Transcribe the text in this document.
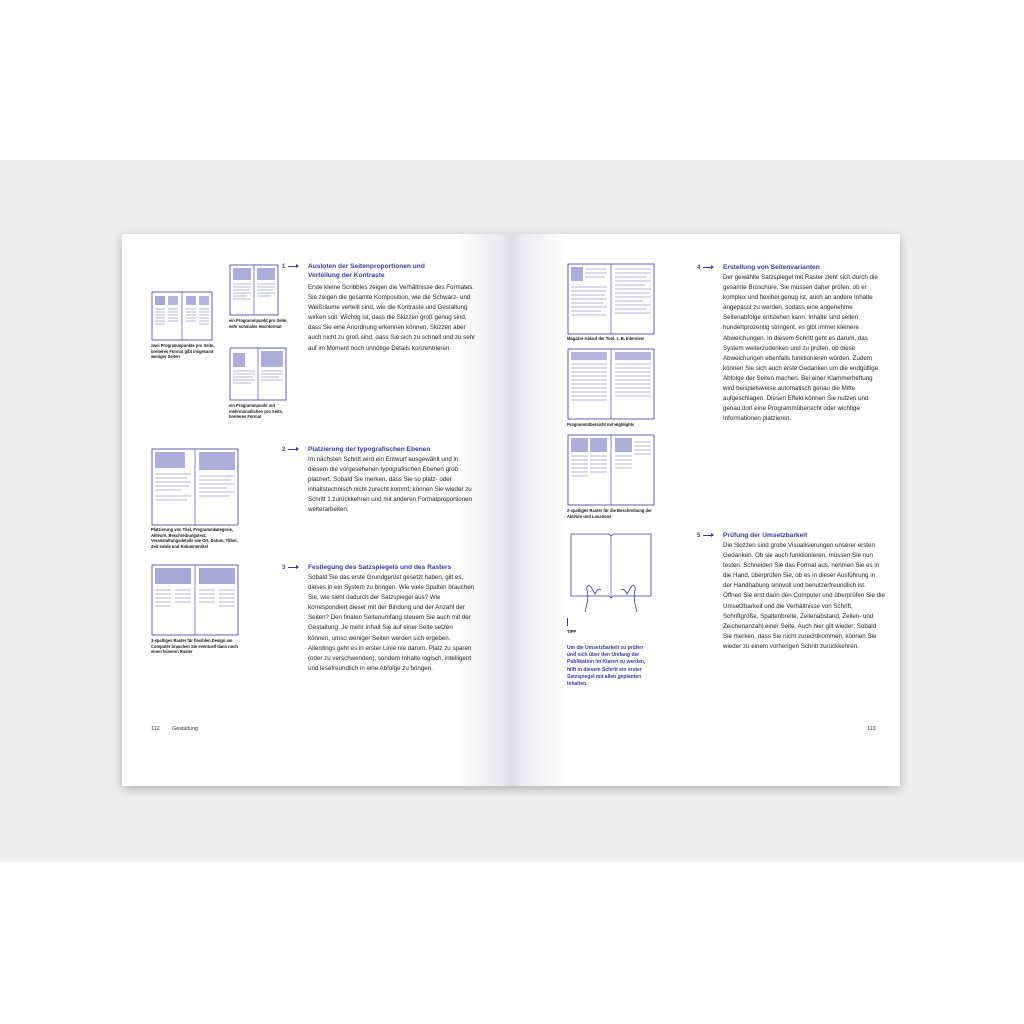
zwei Programmpunkte pro Seite, breiteres Format gibt insgesamt weniger Seiten
ein Programmpunkt pro Seite, sehr schmales Hochformat
ein Programmpunkt mit mehrmonatlichen pro Seite, breiteres Format
1	Ausloten der Seitenproportionen und Verteilung der Kontraste
Erste kleine Scribbles zeigen die Verhältnisse des Formates. Sie zeigen die gesamte Komposition, wie die Schwarz- und Weißräume verteilt sind, wie die Kontraste und Gestaltung wirken soll. Wichtig ist, dass die Skizzen groß genug sind, dass Sie eine Anordnung erkennen können, Skizzen aber auch nicht zu groß sind, dass Sie sich zu schnell und zu sehr auf im Moment noch unnötige Details konzentrieren.
Platzierung von Titel, Programmkategorie, Akteure, Beschreibungstext, Veranstaltungsdetails wie Ort, Datum, Titbel, Zeit sowie und Kolumnentitel
2	Platzierung der typografischen Ebenen
Im nächsten Schritt wird ein Entwurf ausgewählt und in diesem die vorgesehenen typografischen Ebenen grob platziert. Sobald Sie merken, dass Sie so platz- oder inhaltstechnisch nicht zurecht kommt, können Sie wieder zu Schritt 1 zurückkehren und mit anderen Formatproportionen weiterarbeiten.
3-spaltiges Raster für flexiblen Design am Computer brauchen Sie eventuell dann noch einen feineren Raster
3	Festlegung des Satzspiegels und des Rasters
Sobald Sie das erste Grundgerüst gesetzt haben, gilt es, dieses in ein System zu bringen. Wie viele Spalten brauchen Sie, wie sieht dadurch der Satzspiegel aus? Wie korrespondiert dieser mit der Bindung und der Anzahl der Seiten? Den finalen Seitenumfang steuern Sie auch mit der Gestaltung: Je mehr Inhalt Sie auf einer Seite setzen können, umso weniger Seiten werden sich ergeben. Allerdings geht es in erster Linie nie darum, Platz zu sparen (oder zu verschwenden), sondern Inhalte logisch, intelligent und lesefreundlich in eine Abfolge zu bringen.
112 Gestaltung
Magazin-Ablauf der Tool, z. B. Interview
Programmübersicht mit Highlights
2-spaltiges Raster für die Beschreibung der Akteure und Locations
TIPP
Um die Umsetzbarkeit zu prüfen und sich über den Umfang der Publikation im Klaren zu werden, hilft in diesem Schritt ein erster Satzspiegel mit allen geplanten Inhalten.
4	Erstellung von Seitenvarianten
Der gewählte Satzspiegel mit Raster zieht sich durch die gesamte Broschüre. Sie müssen daher prüfen, ob er komplex und flexibel genug ist, auch an andere Inhalte angepasst zu werden, sodass eine angenehme Seitenabfolge entstehen kann. Inhalte sind selten hundertprozentig stringent, es gibt immer kleinere Abweichungen. In diesem Schritt geht es darum, das System weiterzudenken und zu prüfen, ob diese Abweichungen ebenfalls funktionieren würden. Zudem können Sie sich auch erste Gedanken um die endgültige Abfolge der Seiten machen. Bei einer Klammerheftung wird beispielsweise automatisch genau die Mitte aufgeschlagen. Diesen Effekt können Sie nutzen und genau dort eine Programmübersicht oder wichtige Informationen platzieren.
5	Prüfung der Umsetzbarkeit
Die Skizzen sind grobe Visualisierungen unserer ersten Gedanken. Ob sie auch funktionieren, müssen Sie nun testen. Schneiden Sie das Format aus, nehmen Sie es in die Hand, überprüfen Sie, ob es in dieser Ausführung in der Handhabung sinnvoll und benutzerfreundlich ist. Öffnen Sie erst dann den Computer und überprüfen Sie die Umsetzbarkeit und die Verhältnisse von Schrift, Schriftgröße, Spaltenbreite, Zeilenabstand, Zeilen- und Zeichenanzahl einer Seite. Auch hier gilt wieder: Sobald Sie merken, dass Sie nicht zurechtkommen, können Sie wieder zu einem vorherigen Schritt zurückkehren.
113
